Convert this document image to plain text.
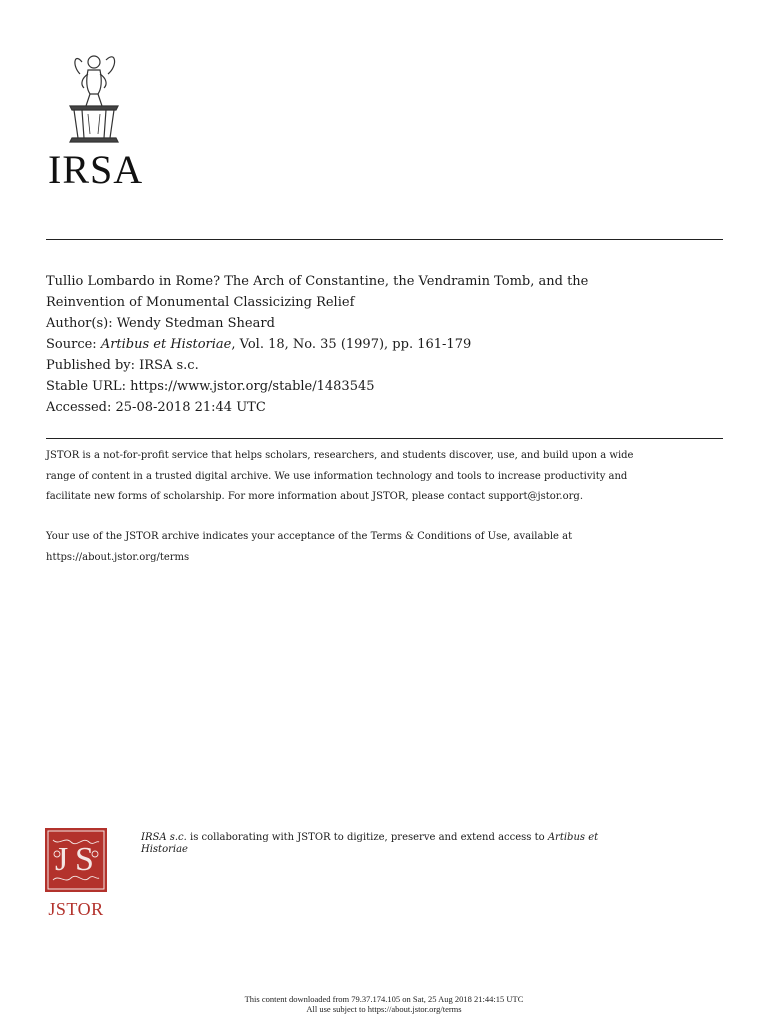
IRSA
Tullio Lombardo in Rome? The Arch of Constantine, the Vendramin Tomb, and the
Reinvention of Monumental Classicizing Relief
Author(s): Wendy Stedman Sheard
Source: Artibus et Historiae, Vol. 18, No. 35 (1997), pp. 161-179
Published by: IRSA s.c.
Stable URL: https://www.jstor.org/stable/1483545
Accessed: 25-08-2018 21:44 UTC
JSTOR is a not-for-profit service that helps scholars, researchers, and students discover, use, and build upon a wide
range of content in a trusted digital archive. We use information technology and tools to increase productivity and
facilitate new forms of scholarship. For more information about JSTOR, please contact support@jstor.org.
Your use of the JSTOR archive indicates your acceptance of the Terms & Conditions of Use, available at
https://about.jstor.org/terms
J S
JSTOR
IRSA s.c. is collaborating with JSTOR to digitize, preserve and extend access to Artibus et
Historiae
This content downloaded from 79.37.174.105 on Sat, 25 Aug 2018 21:44:15 UTC
All use subject to https://about.jstor.org/terms
